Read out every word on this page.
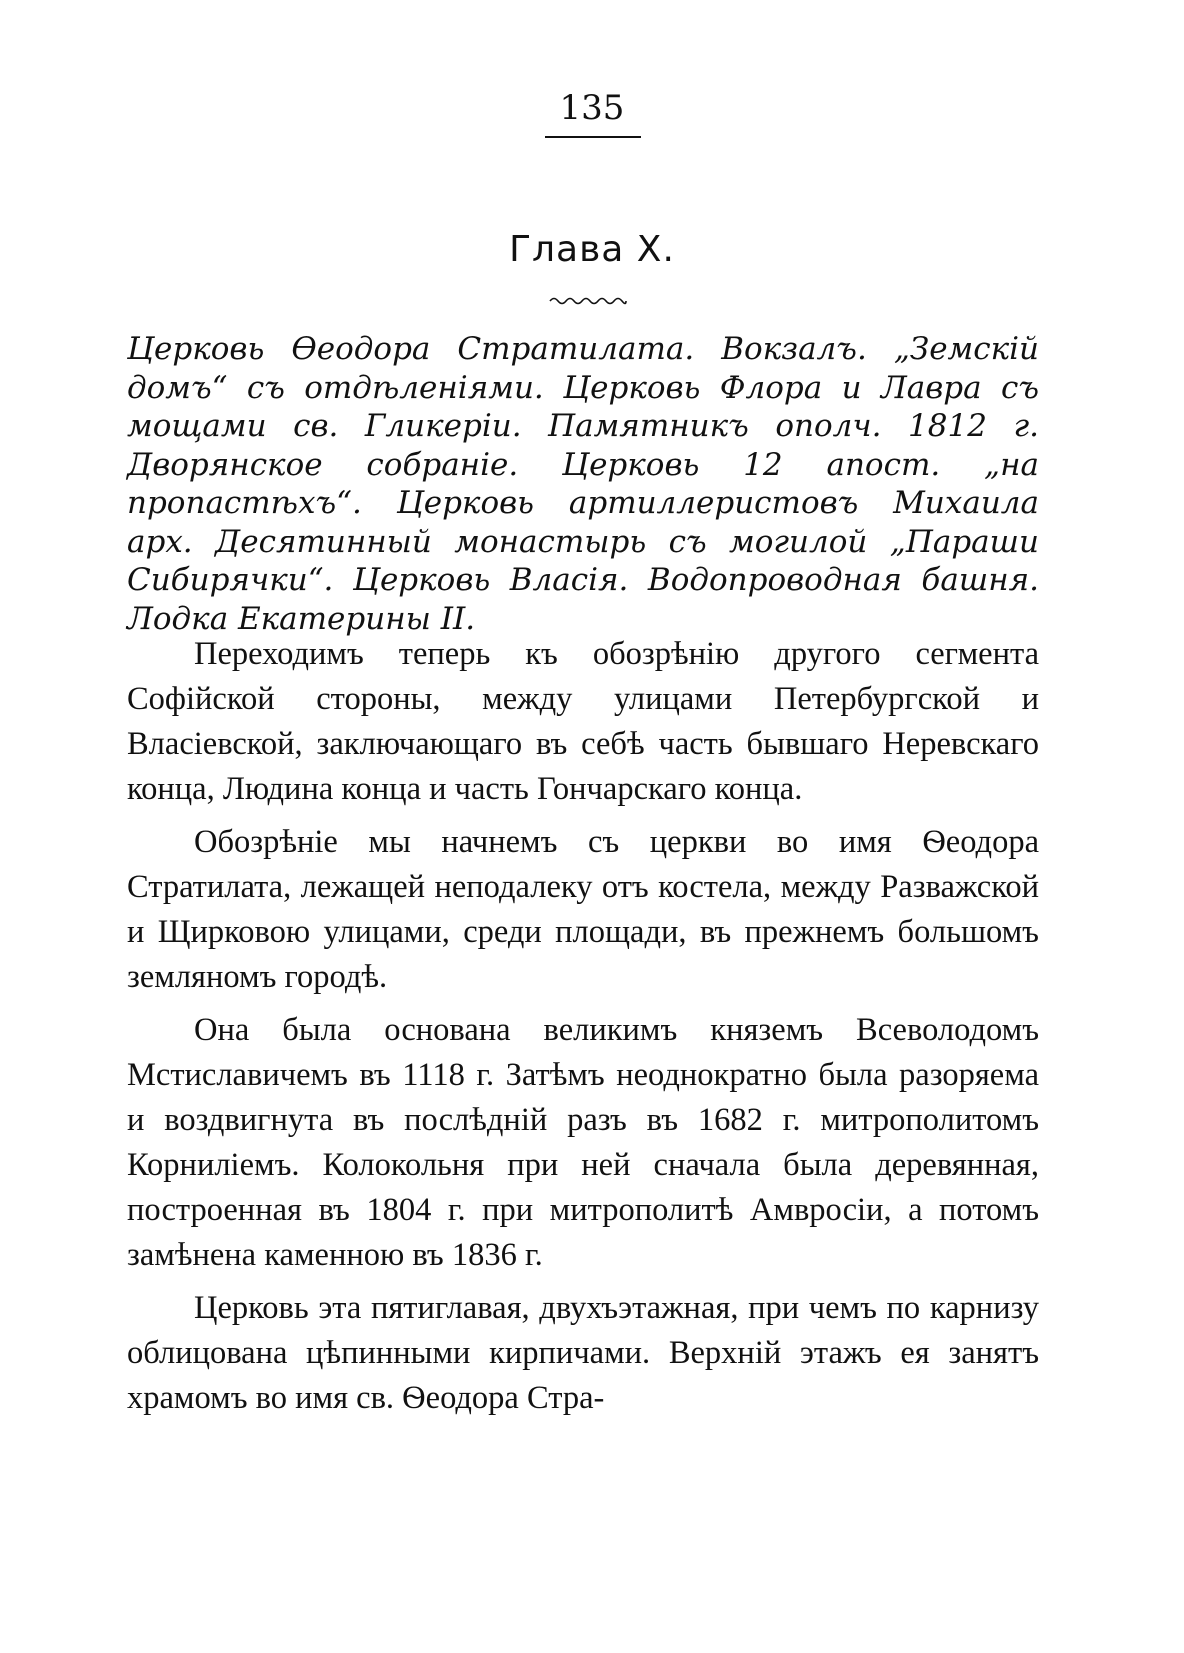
135
Глава X.

Церковь Ѳеодора Стратилата. Вокзалъ. „Земскій домъ“ съ отдѣленіями. Церковь Флора и Лавра съ мощами св. Гликеріи. Памятникъ ополч. 1812 г. Дворянское собраніе. Церковь 12 апост. „на пропастѣхъ“. Церковь артиллеристовъ Михаила арх. Десятинный монастырь съ могилой „Параши Сибирячки“. Церковь Власія. Водопроводная башня. Лодка Екатерины II.

Переходимъ теперь къ обозрѣнію другого сегмента Софійской стороны, между улицами Петербургской и Власіевской, заключающаго въ себѣ часть бывшаго Неревскаго конца, Людина конца и часть Гончарскаго конца.

Обозрѣніе мы начнемъ съ церкви во имя Ѳеодора Стратилата, лежащей неподалеку отъ костела, между Разважской и Щирковою улицами, среди площади, въ прежнемъ большомъ земляномъ городѣ.

Она была основана великимъ княземъ Всеволодомъ Мстиславичемъ въ 1118 г. Затѣмъ неоднократно была разоряема и воздвигнута въ послѣдній разъ въ 1682 г. митрополитомъ Корниліемъ. Колокольня при ней сначала была деревянная, построенная въ 1804 г. при митрополитѣ Амвросіи, а потомъ замѣнена каменною въ 1836 г.

Церковь эта пятиглавая, двухъэтажная, при чемъ по карнизу облицована цѣпинными кирпичами. Верхній этажъ ея занятъ храмомъ во имя св. Ѳеодора Стра-
